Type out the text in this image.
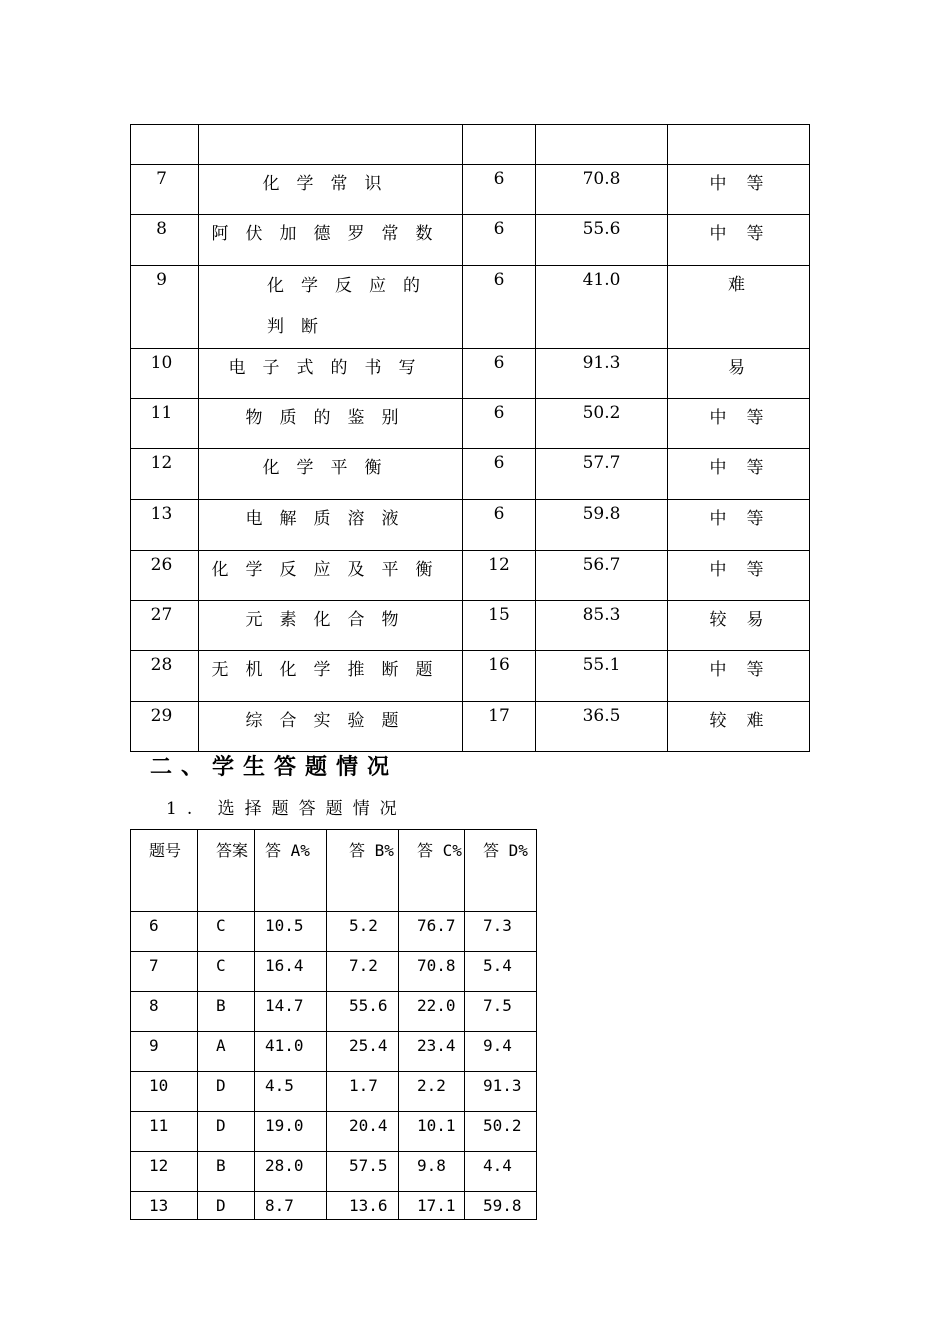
7	化学常识	6	70.8	中等
8	阿伏加德罗常数	6	55.6	中等
9	化学反应的判断	6	41.0	难
10	电子式的书写	6	91.3	易
11	物质的鉴别	6	50.2	中等
12	化学平衡	6	57.7	中等
13	电解质溶液	6	59.8	中等
26	化学反应及平衡	12	56.7	中等
27	元素化合物	15	85.3	较易
28	无机化学推断题	16	55.1	中等
29	综合实验题	17	36.5	较难
二、学生答题情况

1. 选择题答题情况

题号	答案	答 A%	答 B%	答 C%	答 D%
6	C	10.5	5.2	76.7	7.3
7	C	16.4	7.2	70.8	5.4
8	B	14.7	55.6	22.0	7.5
9	A	41.0	25.4	23.4	9.4
10	D	4.5	1.7	2.2	91.3
11	D	19.0	20.4	10.1	50.2
12	B	28.0	57.5	9.8	4.4
13	D	8.7	13.6	17.1	59.8
